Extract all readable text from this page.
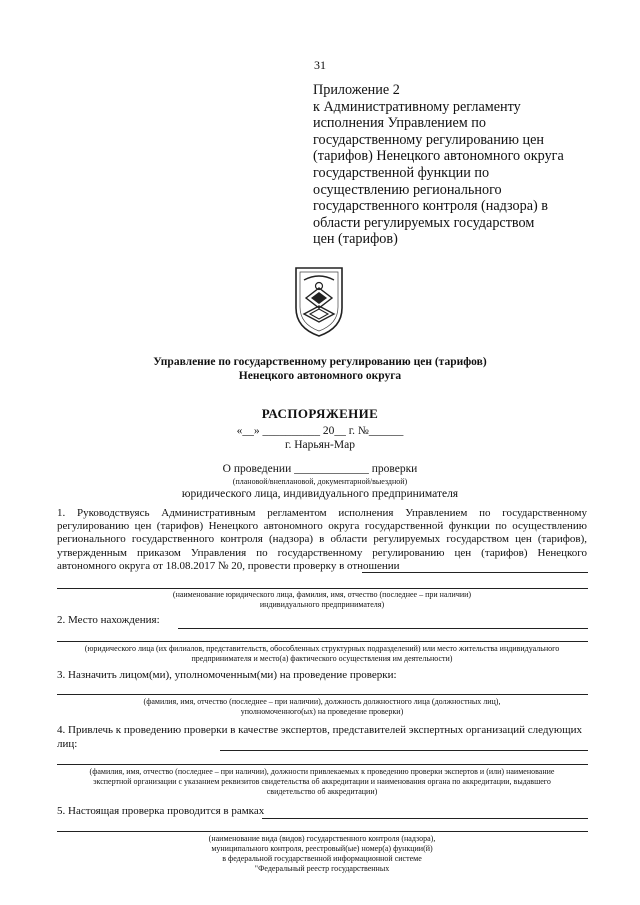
31
Приложение 2
к Административному регламенту
исполнения Управлением по
государственному регулированию цен
(тарифов) Ненецкого автономного округа
государственной функции по
осуществлению регионального
государственного контроля (надзора) в
области регулируемых государством
цен (тарифов)
Управление по государственному регулированию цен (тарифов)
Ненецкого автономного округа
РАСПОРЯЖЕНИЕ
«__» __________ 20__ г. №______
г. Нарьян-Мар
О проведении _____________ проверки
(плановой/внеплановой, документарной/выездной)
юридического лица, индивидуального предпринимателя
1. Руководствуясь Административным регламентом исполнения Управлением по государственному регулированию цен (тарифов) Ненецкого автономного округа государственной функции по осуществлению регионального государственного контроля (надзора) в области регулируемых государством цен (тарифов), утвержденным приказом Управления по государственному регулированию цен (тарифов) Ненецкого автономного округа от 18.08.2017 № 20, провести проверку в отношении
(наименование юридического лица, фамилия, имя, отчество (последнее – при наличии)
индивидуального предпринимателя)
2. Место нахождения:
(юридического лица (их филиалов, представительств, обособленных структурных подразделений) или место жительства индивидуального
предпринимателя и место(а) фактического осуществления им деятельности)
3. Назначить лицом(ми), уполномоченным(ми) на проведение проверки:
(фамилия, имя, отчество (последнее – при наличии), должность должностного лица (должностных лиц),
уполномоченного(ых) на проведение проверки)
4. Привлечь к проведению проверки в качестве экспертов, представителей экспертных организаций следующих
лиц:
(фамилия, имя, отчество (последнее – при наличии), должности привлекаемых к проведению проверки экспертов и (или) наименование
экспертной организации с указанием реквизитов свидетельства об аккредитации и наименования органа по аккредитации, выдавшего
свидетельство об аккредитации)
5. Настоящая проверка проводится в рамках
(наименование вида (видов) государственного контроля (надзора),
муниципального контроля, реестровый(ые) номер(а) функции(й)
в федеральной государственной информационной системе
"Федеральный реестр государственных
